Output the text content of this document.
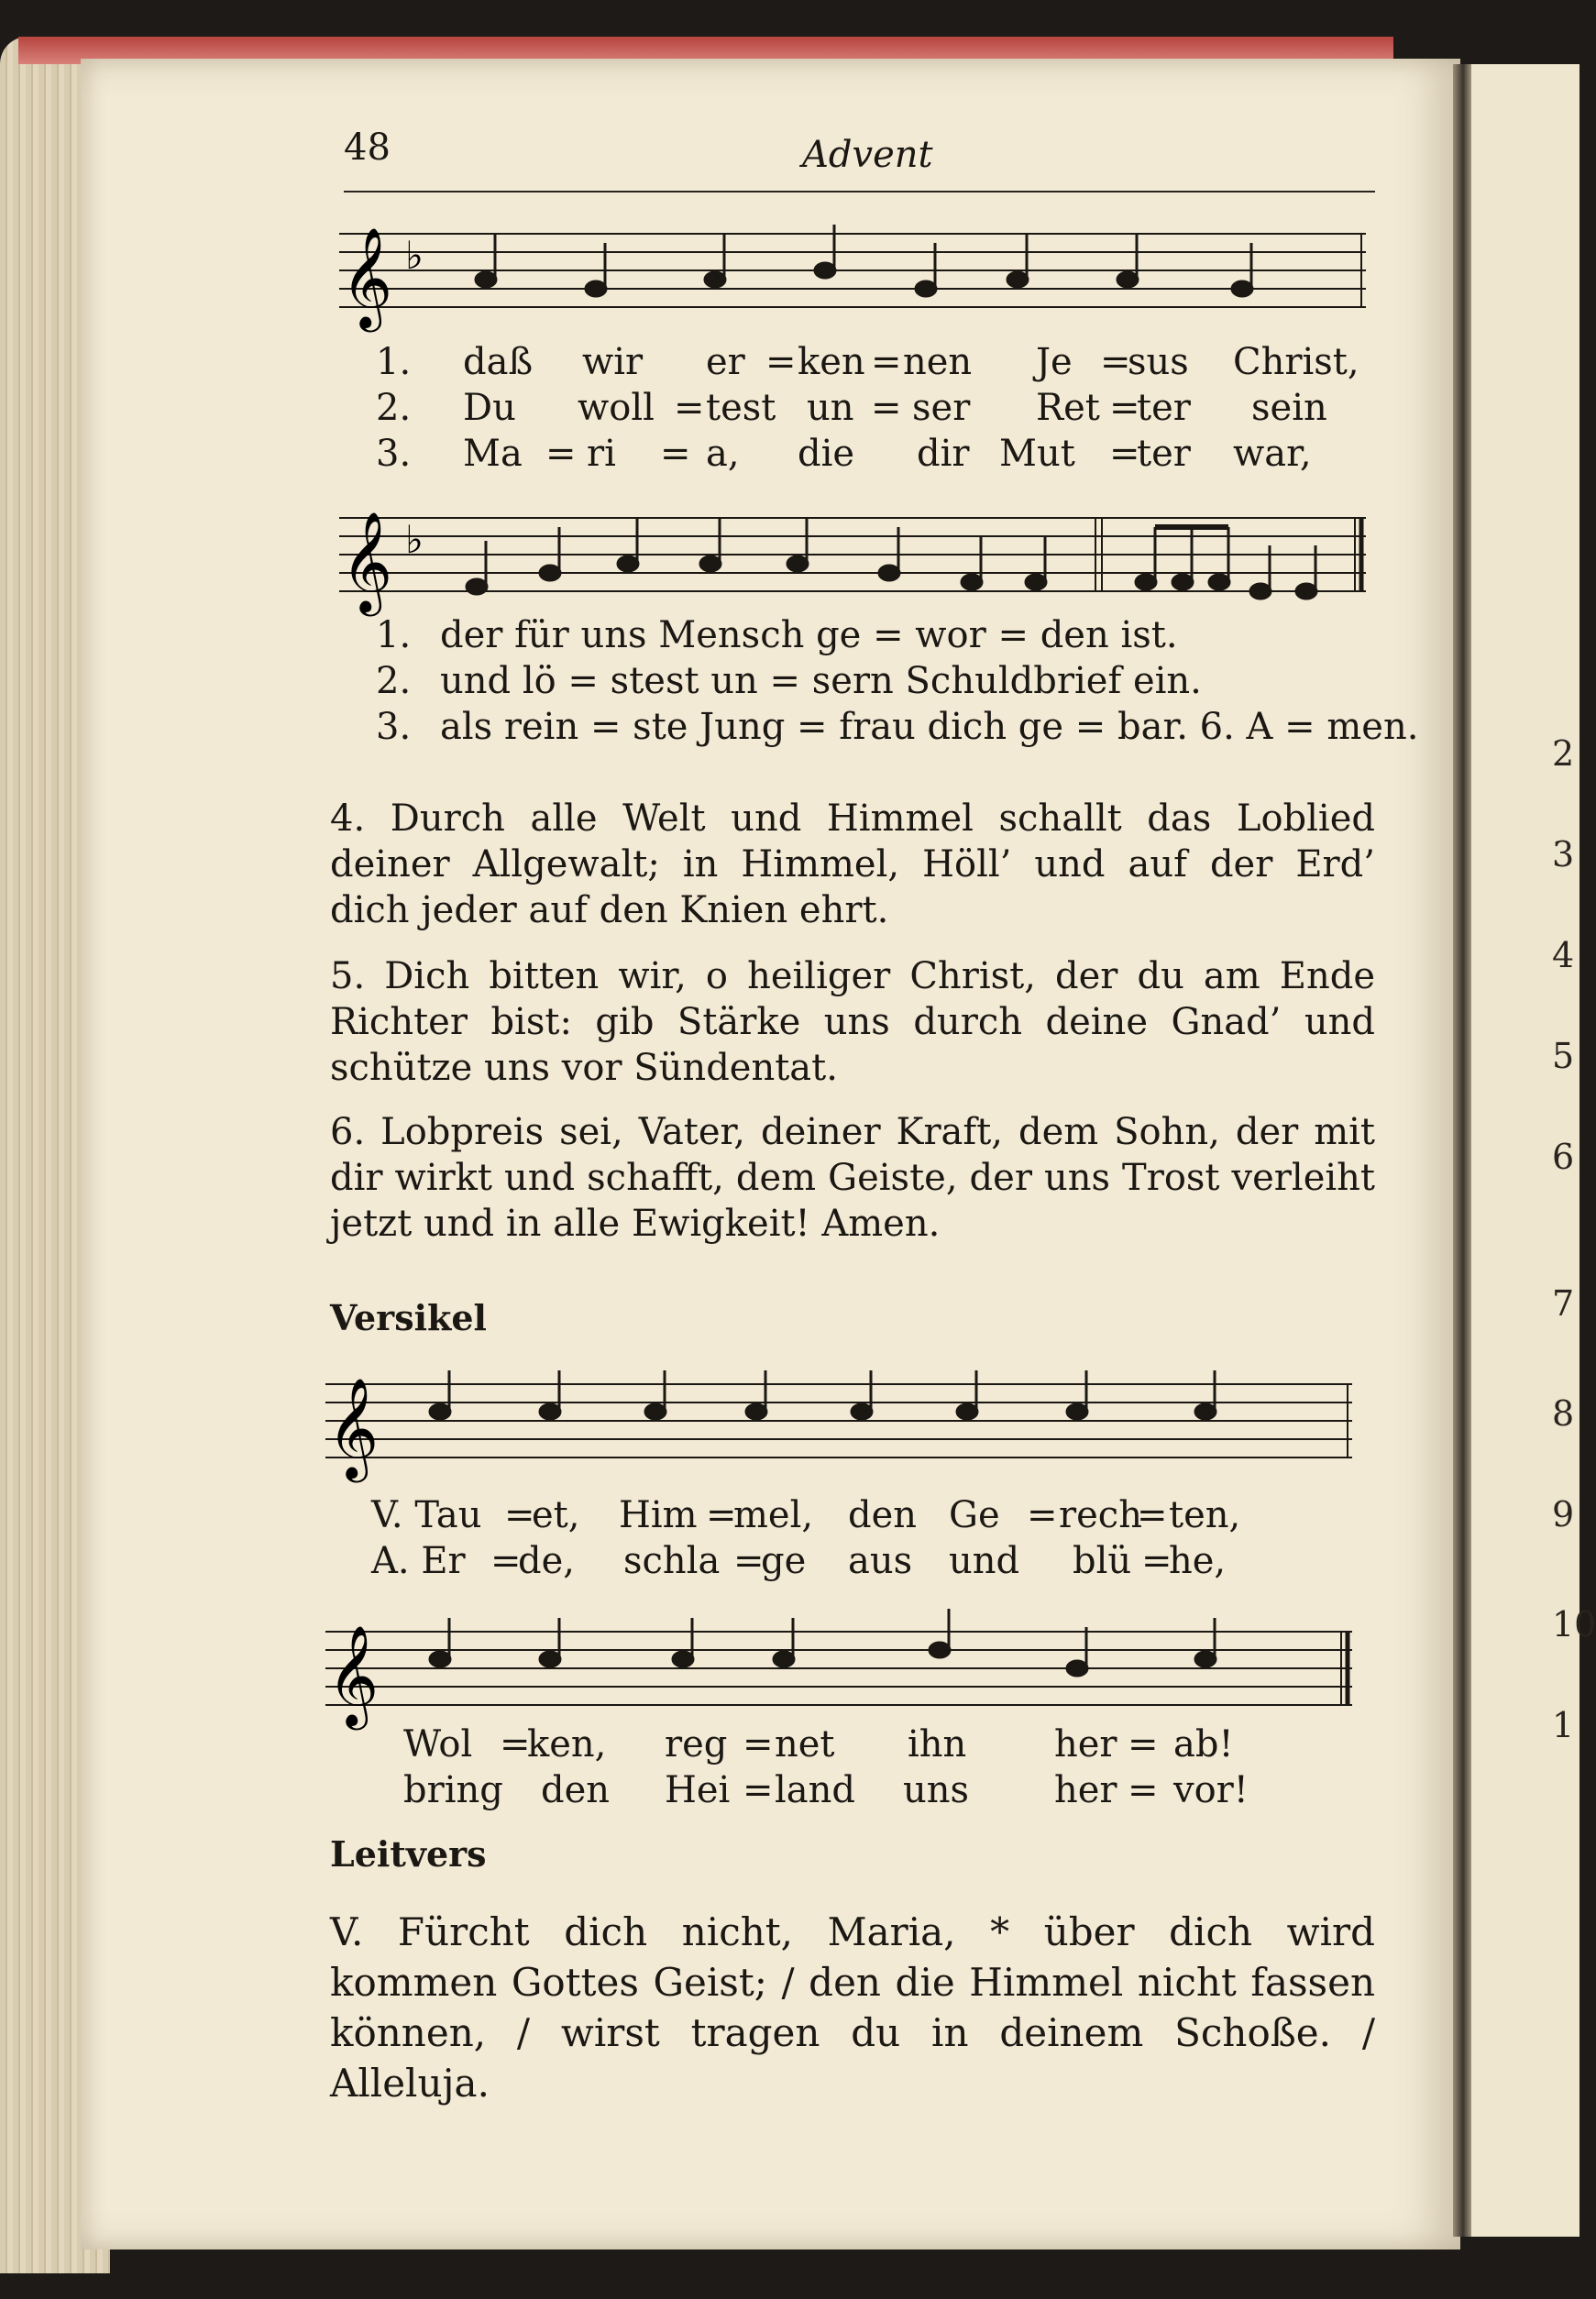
2
3
4
5
6
7
8
9
10
1
48	Advent
𝄞 ♭
1. daß wir er = ken = nen Je =
sus Christ,
2. Du woll = test un = ser Ret =
ter sein
3. Ma = ri = a, die dir Mut =
ter war,
𝄞 ♭
1. der für uns Mensch ge = wor = den ist.
2. und lö = stest un = sern Schuldbrief ein.
3. als rein = ste Jung = frau dich ge = bar. 6. A = men.
4. Durch alle Welt und Himmel schallt das Loblied deiner Allgewalt; in Himmel, Höll’ und auf der Erd’ dich jeder auf den Knien ehrt.
5. Dich bitten wir, o heiliger Christ, der du am Ende Richter bist: gib Stärke uns durch deine Gnad’ und schütze uns vor Sündentat.
6. Lobpreis sei, Vater, deiner Kraft, dem Sohn, der mit dir wirkt und schafft, dem Geiste, der uns Trost verleiht jetzt und in alle Ewigkeit! Amen.
Versikel
𝄞
V. Tau =
et, Him =
mel, den Ge = rech
= ten,
A. Er =
de, schla =
ge aus und blü =
he,
𝄞
Wol =
ken, reg = net ihn her = ab!
bring den Hei = land uns her = vor!
Leitvers
V. Fürcht dich nicht, Maria, * über dich wird kommen Gottes Geist; / den die Himmel nicht fassen können, / wirst tragen du in deinem Schoße. / Alleluja.
